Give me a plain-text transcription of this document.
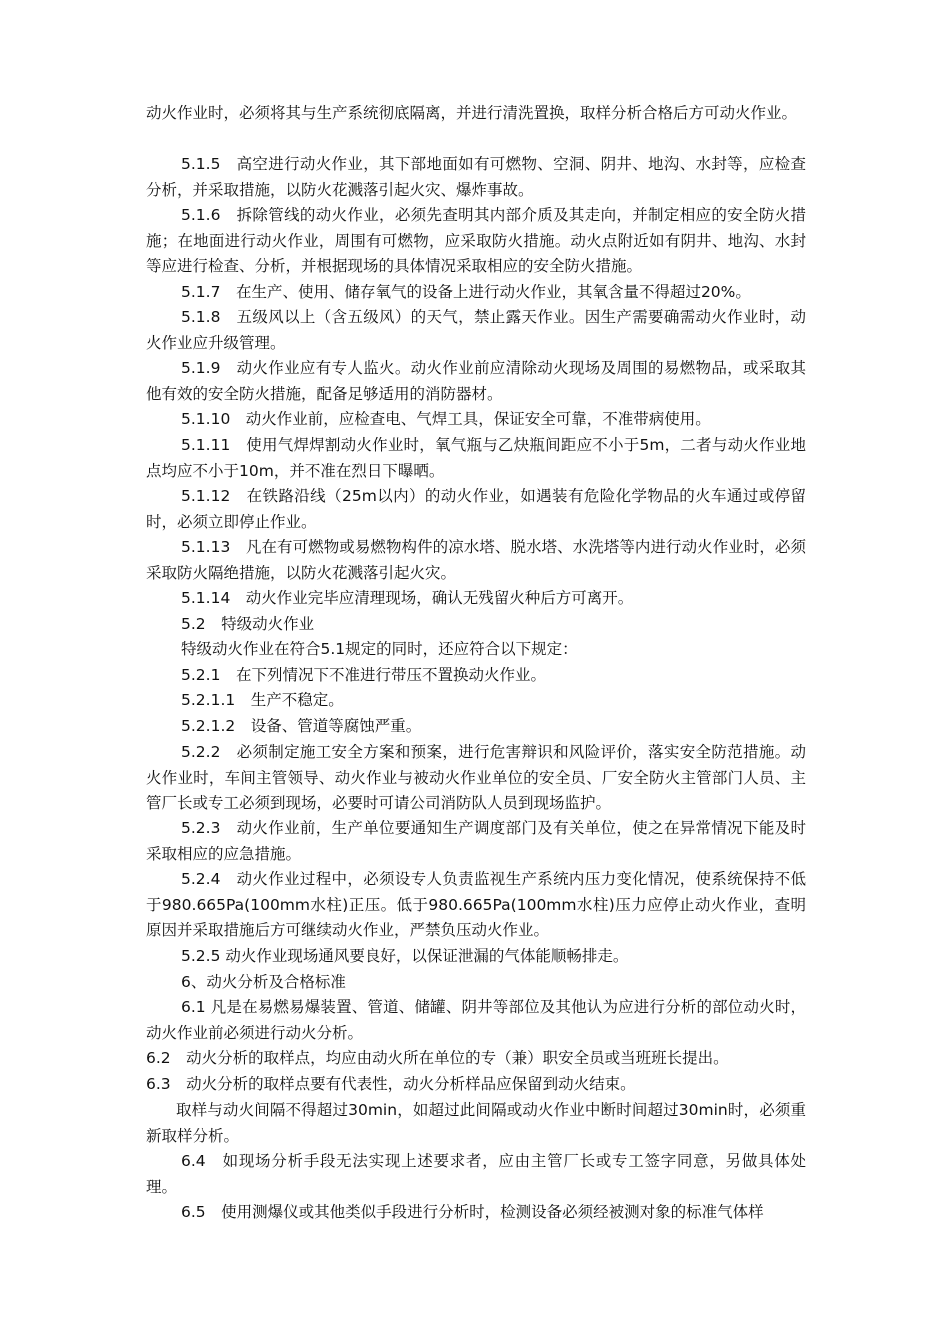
动火作业时，必须将其与生产系统彻底隔离，并进行清洗置换，取样分析合格后方可动火作业。
5.1.5　高空进行动火作业，其下部地面如有可燃物、空洞、阴井、地沟、水封等，应检查分析，并采取措施，以防火花溅落引起火灾、爆炸事故。
5.1.6　拆除管线的动火作业，必须先查明其内部介质及其走向，并制定相应的安全防火措施；在地面进行动火作业，周围有可燃物，应采取防火措施。动火点附近如有阴井、地沟、水封等应进行检查、分析，并根据现场的具体情况采取相应的安全防火措施。
5.1.7　在生产、使用、储存氧气的设备上进行动火作业，其氧含量不得超过20%。
5.1.8　五级风以上（含五级风）的天气，禁止露天作业。因生产需要确需动火作业时，动火作业应升级管理。
5.1.9　动火作业应有专人监火。动火作业前应清除动火现场及周围的易燃物品，或采取其他有效的安全防火措施，配备足够适用的消防器材。
5.1.10　动火作业前，应检查电、气焊工具，保证安全可靠，不准带病使用。
5.1.11　使用气焊焊割动火作业时，氧气瓶与乙炔瓶间距应不小于5m，二者与动火作业地点均应不小于10m，并不准在烈日下曝晒。
5.1.12　在铁路沿线（25m以内）的动火作业，如遇装有危险化学物品的火车通过或停留时，必须立即停止作业。
5.1.13　凡在有可燃物或易燃物构件的凉水塔、脱水塔、水洗塔等内进行动火作业时，必须采取防火隔绝措施，以防火花溅落引起火灾。
5.1.14　动火作业完毕应清理现场，确认无残留火种后方可离开。
5.2　特级动火作业
特级动火作业在符合5.1规定的同时，还应符合以下规定：
5.2.1　在下列情况下不准进行带压不置换动火作业。
5.2.1.1　生产不稳定。
5.2.1.2　设备、管道等腐蚀严重。
5.2.2　必须制定施工安全方案和预案，进行危害辩识和风险评价，落实安全防范措施。动火作业时，车间主管领导、动火作业与被动火作业单位的安全员、厂安全防火主管部门人员、主管厂长或专工必须到现场，必要时可请公司消防队人员到现场监护。
5.2.3　动火作业前，生产单位要通知生产调度部门及有关单位，使之在异常情况下能及时采取相应的应急措施。
5.2.4　动火作业过程中，必须设专人负责监视生产系统内压力变化情况，使系统保持不低于980.665Pa(100mm水柱)正压。低于980.665Pa(100mm水柱)压力应停止动火作业，查明原因并采取措施后方可继续动火作业，严禁负压动火作业。
5.2.5 动火作业现场通风要良好，以保证泄漏的气体能顺畅排走。
6、动火分析及合格标准
6.1 凡是在易燃易爆装置、管道、储罐、阴井等部位及其他认为应进行分析的部位动火时，动火作业前必须进行动火分析。
6.2　动火分析的取样点，均应由动火所在单位的专（兼）职安全员或当班班长提出。
6.3　动火分析的取样点要有代表性，动火分析样品应保留到动火结束。
取样与动火间隔不得超过30min，如超过此间隔或动火作业中断时间超过30min时，必须重新取样分析。
6.4　如现场分析手段无法实现上述要求者，应由主管厂长或专工签字同意，另做具体处理。
6.5　使用测爆仪或其他类似手段进行分析时，检测设备必须经被测对象的标准气体样
